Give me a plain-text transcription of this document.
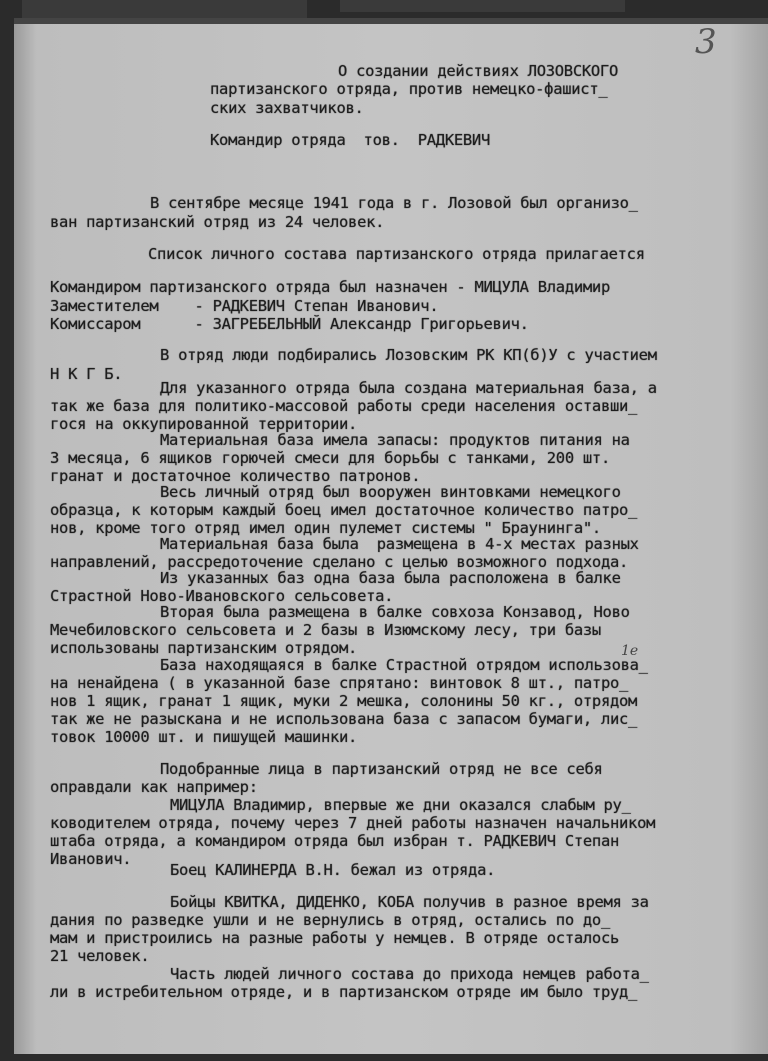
3
1e
О создании действиях ЛОЗОВСКОГО
партизанского отряда, против немецко-фашист_
ских захватчиков.
Командир отряда  тов.  РАДКЕВИЧ
В сентябре месяце 1941 года в г. Лозовой был организо_
ван партизанский отряд из 24 человек.
Список личного состава партизанского отряда прилагается
Командиром партизанского отряда был назначен - МИЦУЛА Владимир
Заместителем    - РАДКЕВИЧ Степан Иванович.
Комиссаром      - ЗАГРЕБЕЛЬНЫЙ Александр Григорьевич.
В отряд люди подбирались Лозовским РК КП(б)У с участием
Н К Г Б.
Для указанного отряда была создана материальная база, а
так же база для политико-массовой работы среди населения оставши_
гося на оккупированной территории.
Материальная база имела запасы: продуктов питания на
3 месяца, 6 ящиков горючей смеси для борьбы с танками, 200 шт.
гранат и достаточное количество патронов.
Весь личный отряд был вооружен винтовками немецкого
образца, к которым каждый боец имел достаточное количество патро_
нов, кроме того отряд имел один пулемет системы " Браунинга".
Материальная база была  размещена в 4-х местах разных
направлений, рассредоточение сделано с целью возможного подхода.
Из указанных баз одна база была расположена в балке
Страстной Ново-Ивановского сельсовета.
Вторая была размещена в балке совхоза Конзавод, Ново
Мечебиловского сельсовета и 2 базы в Изюмскому лесу, три базы
использованы партизанским отрядом.
База находящаяся в балке Страстной отрядом использова_
на ненайдена ( в указанной базе спрятано: винтовок 8 шт., патро_
нов 1 ящик, гранат 1 ящик, муки 2 мешка, солонины 50 кг., отрядом
так же не разыскана и не использована база с запасом бумаги, лис_
товок 10000 шт. и пишущей машинки.
Подобранные лица в партизанский отряд не все себя
оправдали как например:
МИЦУЛА Владимир, впервые же дни оказался слабым ру_
ководителем отряда, почему через 7 дней работы назначен начальником
штаба отряда, а командиром отряда был избран т. РАДКЕВИЧ Степан
Иванович.
Боец КАЛИНЕРДА В.Н. бежал из отряда.
Бойцы КВИТКА, ДИДЕНКО, КОБА получив в разное время за
дания по разведке ушли и не вернулись в отряд, остались по до_
мам и пристроились на разные работы у немцев. В отряде осталось
21 человек.
Часть людей личного состава до прихода немцев работа_
ли в истребительном отряде, и в партизанском отряде им было труд_
